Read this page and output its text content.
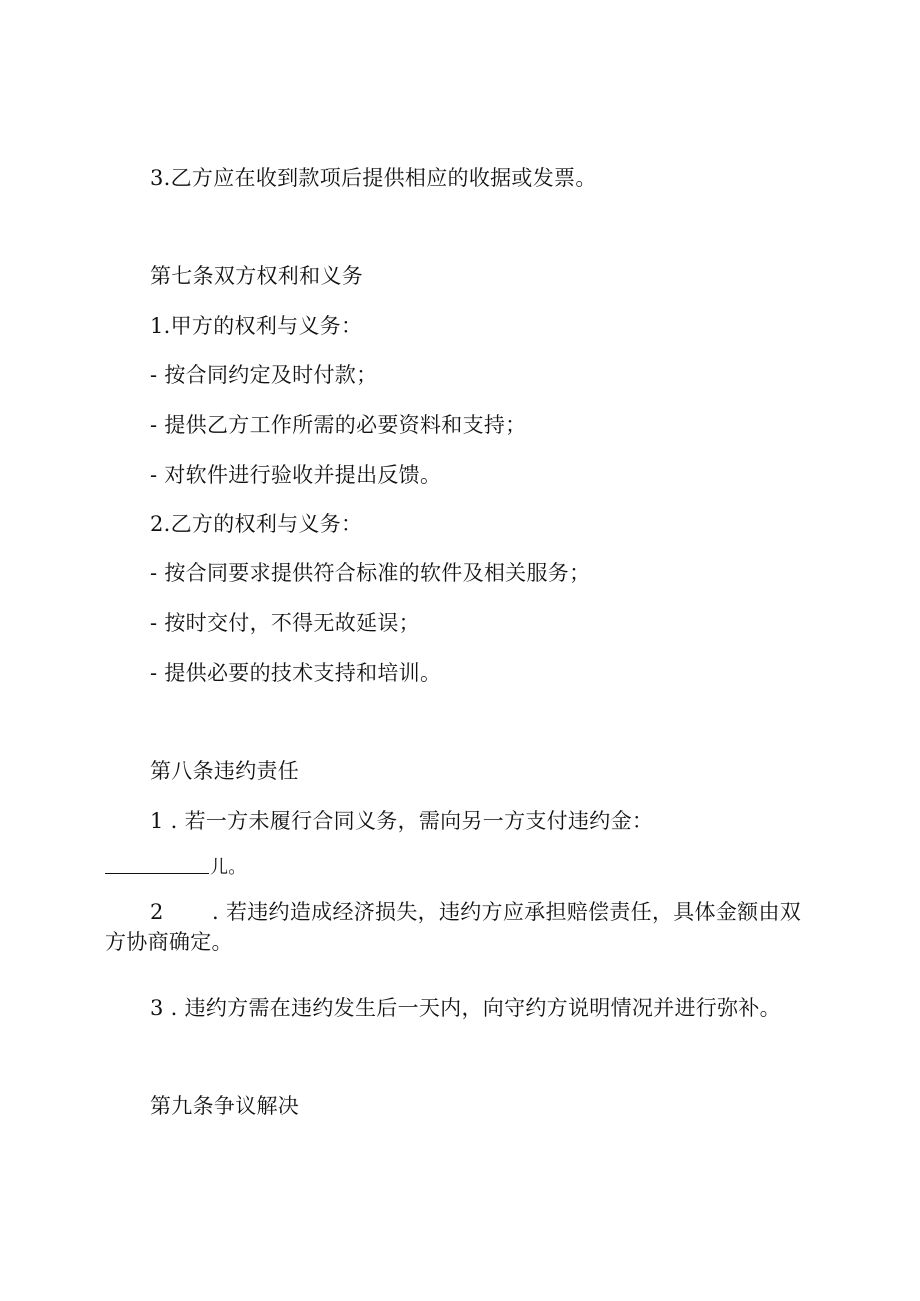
3.乙方应在收到款项后提供相应的收据或发票。
第七条双方权利和义务
1.甲方的权利与义务：
- 按合同约定及时付款；
- 提供乙方工作所需的必要资料和支持；
- 对软件进行验收并提出反馈。
2.乙方的权利与义务：
- 按合同要求提供符合标准的软件及相关服务；
- 按时交付，不得无故延误；
- 提供必要的技术支持和培训。
第八条违约责任
1 . 若一方未履行合同义务，需向另一方支付违约金：
儿。
2 . 若违约造成经济损失，违约方应承担赔偿责任，具体金额由双
方协商确定。
3 . 违约方需在违约发生后一天内，向守约方说明情况并进行弥补。
第九条争议解决
